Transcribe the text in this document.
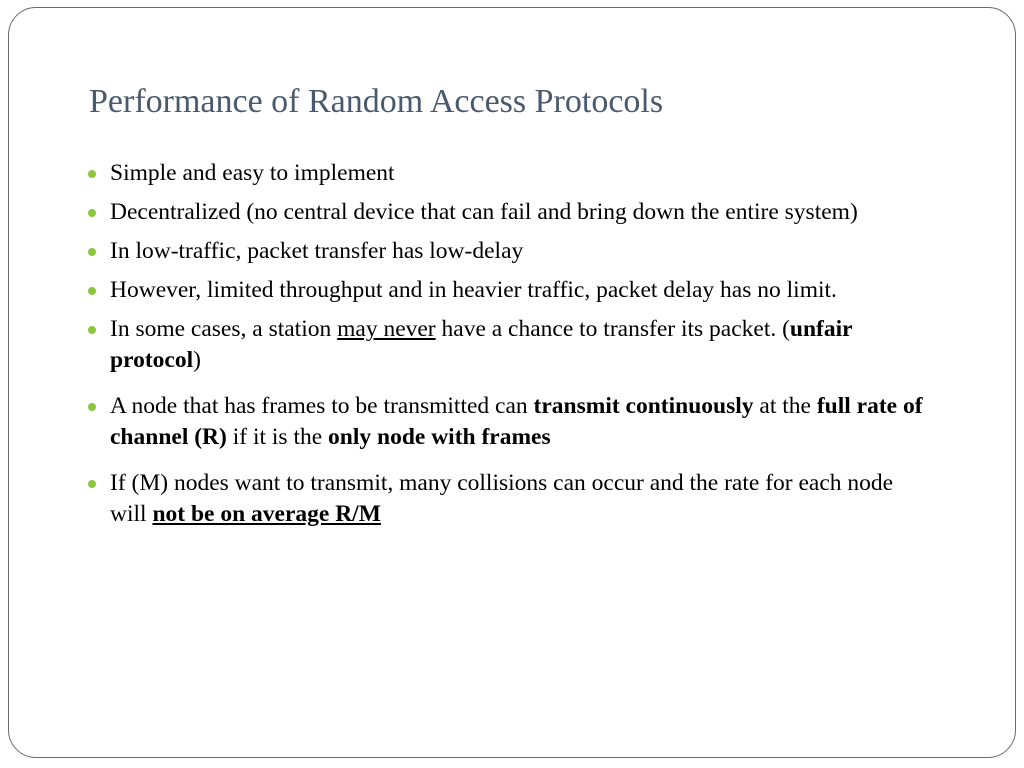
Performance of Random Access Protocols
Simple and easy to implement
Decentralized (no central device that can fail and bring down the entire system)
In low-traffic, packet transfer has low-delay
However, limited throughput and in heavier traffic, packet delay has no limit.
In some cases, a station may never have a chance to transfer its packet. (unfair protocol)
A node that has frames to be transmitted can transmit continuously at the full rate of channel (R) if it is the only node with frames
If (M) nodes want to transmit, many collisions can occur and the rate for each node will not be on average R/M
